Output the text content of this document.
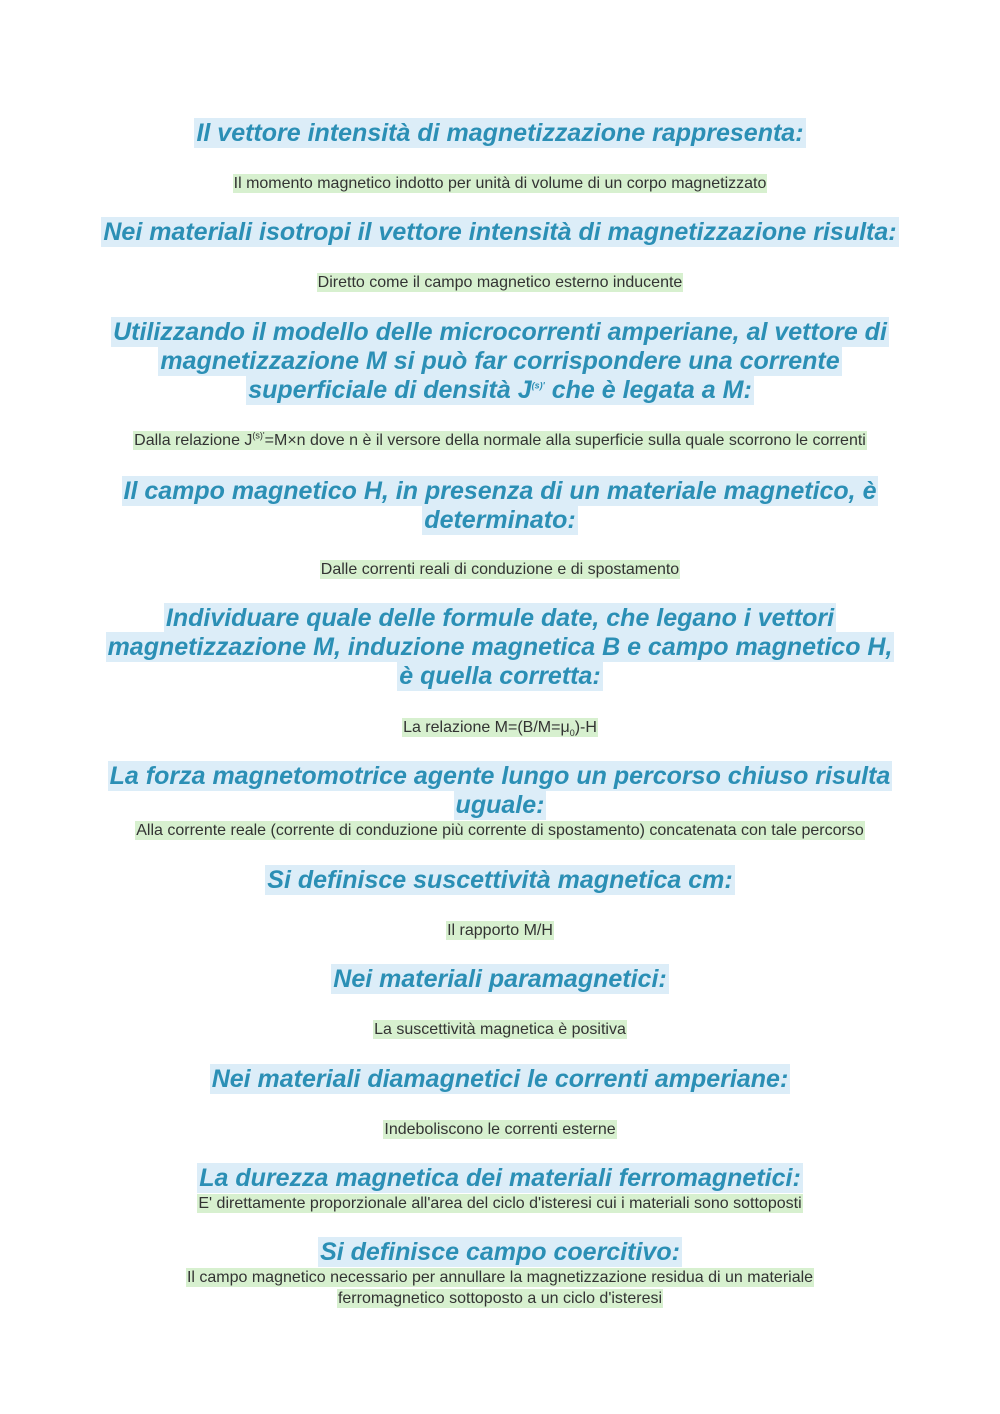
Il vettore intensità di magnetizzazione rappresenta:
Il momento magnetico indotto per unità di volume di un corpo magnetizzato
Nei materiali isotropi il vettore intensità di magnetizzazione risulta:
Diretto come il campo magnetico esterno inducente
Utilizzando il modello delle microcorrenti amperiane, al vettore di
magnetizzazione M si può far corrispondere una corrente
superficiale di densità $J^{(s)'}$ che è legata a M:
Dalla relazione $J^{(s)'}=M\times n$ dove n è il versore della normale alla superficie sulla quale scorrono le correnti
Il campo magnetico H, in presenza di un materiale magnetico, è
determinato:
Dalle correnti reali di conduzione e di spostamento
Individuare quale delle formule date, che legano i vettori
magnetizzazione M, induzione magnetica B e campo magnetico H,
è quella corretta:
La relazione $M=(B/M=\mu_0)-H$
La forza magnetomotrice agente lungo un percorso chiuso risulta
uguale:
Alla corrente reale (corrente di conduzione più corrente di spostamento) concatenata con tale percorso
Si definisce suscettività magnetica cm:
Il rapporto M/H
Nei materiali paramagnetici:
La suscettività magnetica è positiva
Nei materiali diamagnetici le correnti amperiane:
Indeboliscono le correnti esterne
La durezza magnetica dei materiali ferromagnetici:
E' direttamente proporzionale all'area del ciclo d'isteresi cui i materiali sono sottoposti
Si definisce campo coercitivo:
Il campo magnetico necessario per annullare la magnetizzazione residua di un materiale
ferromagnetico sottoposto a un ciclo d'isteresi
